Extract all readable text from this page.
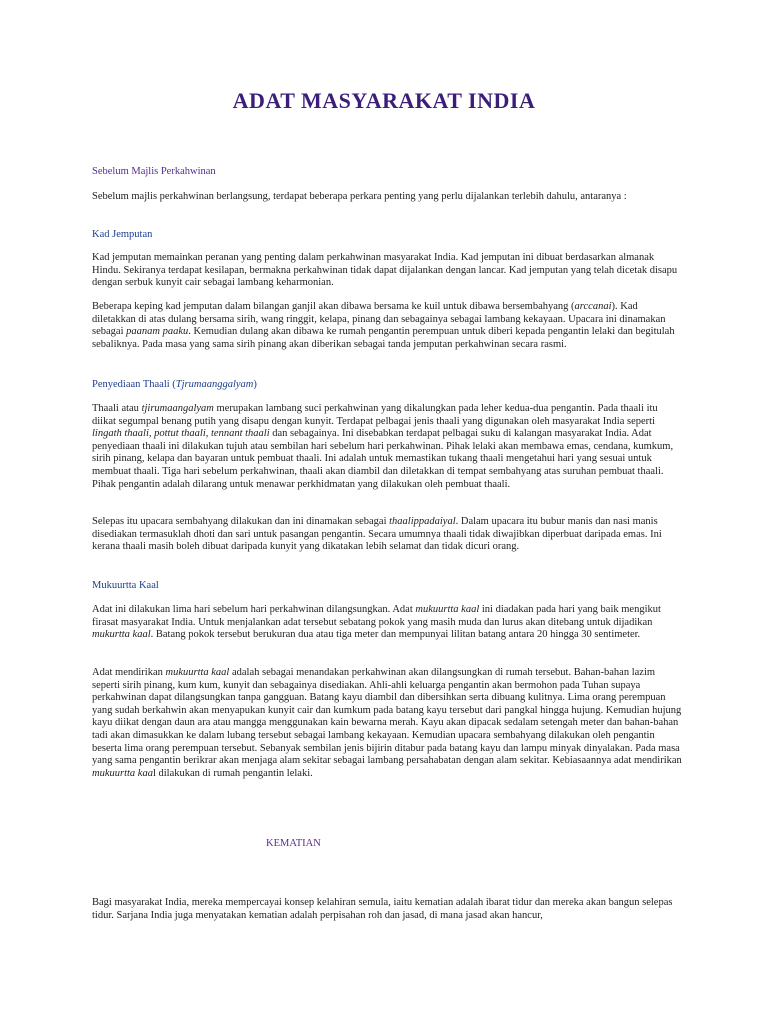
ADAT MASYARAKAT INDIA

Sebelum Majlis Perkahwinan

Sebelum majlis perkahwinan berlangsung, terdapat beberapa perkara penting yang perlu dijalankan terlebih dahulu, antaranya :

Kad Jemputan

Kad jemputan memainkan peranan yang penting dalam perkahwinan masyarakat India. Kad jemputan ini dibuat berdasarkan almanak Hindu. Sekiranya terdapat kesilapan, bermakna perkahwinan tidak dapat dijalankan dengan lancar. Kad jemputan yang telah dicetak disapu dengan serbuk kunyit cair sebagai lambang keharmonian.

Beberapa keping kad jemputan dalam bilangan ganjil akan dibawa bersama ke kuil untuk dibawa bersembahyang (arccanai). Kad diletakkan di atas dulang bersama sirih, wang ringgit, kelapa, pinang dan sebagainya sebagai lambang kekayaan. Upacara ini dinamakan sebagai paanam paaku. Kemudian dulang akan dibawa ke rumah pengantin perempuan untuk diberi kepada pengantin lelaki dan begitulah sebaliknya. Pada masa yang sama sirih pinang akan diberikan sebagai tanda jemputan perkahwinan secara rasmi.

Penyediaan Thaali (Tjrumaanggalyam)

Thaali atau tjirumaangalyam merupakan lambang suci perkahwinan yang dikalungkan pada leher kedua-dua pengantin. Pada thaali itu diikat segumpal benang putih yang disapu dengan kunyit. Terdapat pelbagai jenis thaali yang digunakan oleh masyarakat India seperti lingath thaali, pottut thaali, tennant thaali dan sebagainya. Ini disebabkan terdapat pelbagai suku di kalangan masyarakat India. Adat penyediaan thaali ini dilakukan tujuh atau sembilan hari sebelum hari perkahwinan. Pihak lelaki akan membawa emas, cendana, kumkum, sirih pinang, kelapa dan bayaran untuk pembuat thaali. Ini adalah untuk memastikan tukang thaali mengetahui hari yang sesuai untuk membuat thaali. Tiga hari sebelum perkahwinan, thaali akan diambil dan diletakkan di tempat sembahyang atas suruhan pembuat thaali. Pihak pengantin adalah dilarang untuk menawar perkhidmatan yang dilakukan oleh pembuat thaali.

Selepas itu upacara sembahyang dilakukan dan ini dinamakan sebagai thaalippadaiyal. Dalam upacara itu bubur manis dan nasi manis disediakan termasuklah dhoti dan sari untuk pasangan pengantin. Secara umumnya thaali tidak diwajibkan diperbuat daripada emas. Ini kerana thaali masih boleh dibuat daripada kunyit yang dikatakan lebih selamat dan tidak dicuri orang.

Mukuurtta Kaal

Adat ini dilakukan lima hari sebelum hari perkahwinan dilangsungkan. Adat mukuurtta kaal ini diadakan pada hari yang baik mengikut firasat masyarakat India. Untuk menjalankan adat tersebut sebatang pokok yang masih muda dan lurus akan ditebang untuk dijadikan mukurtta kaal. Batang pokok tersebut berukuran dua atau tiga meter dan mempunyai lilitan batang antara 20 hingga 30 sentimeter.

Adat mendirikan mukuurtta kaal adalah sebagai menandakan perkahwinan akan dilangsungkan di rumah tersebut. Bahan-bahan lazim seperti sirih pinang, kum kum, kunyit dan sebagainya disediakan. Ahli-ahli keluarga pengantin akan bermohon pada Tuhan supaya perkahwinan dapat dilangsungkan tanpa gangguan. Batang kayu diambil dan dibersihkan serta dibuang kulitnya. Lima orang perempuan yang sudah berkahwin akan menyapukan kunyit cair dan kumkum pada batang kayu tersebut dari pangkal hingga hujung. Kemudian hujung kayu diikat dengan daun ara atau mangga menggunakan kain bewarna merah. Kayu akan dipacak sedalam setengah meter dan bahan-bahan tadi akan dimasukkan ke dalam lubang tersebut sebagai lambang kekayaan. Kemudian upacara sembahyang dilakukan oleh pengantin beserta lima orang perempuan tersebut. Sebanyak sembilan jenis bijirin ditabur pada batang kayu dan lampu minyak dinyalakan. Pada masa yang sama pengantin berikrar akan menjaga alam sekitar sebagai lambang persahabatan dengan alam sekitar. Kebiasaannya adat mendirikan mukuurtta kaal dilakukan di rumah pengantin lelaki.

KEMATIAN

Bagi masyarakat India, mereka mempercayai konsep kelahiran semula, iaitu kematian adalah ibarat tidur dan mereka akan bangun selepas tidur. Sarjana India juga menyatakan kematian adalah perpisahan roh dan jasad, di mana jasad akan hancur,
